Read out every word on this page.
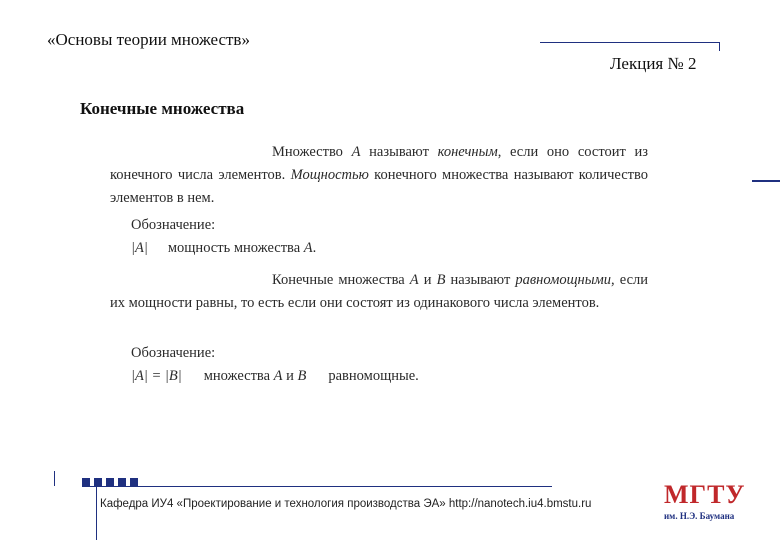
«Основы теории множеств»
Лекция № 2
Конечные множества
Множество A называют конечным, если оно состоит из конечного числа элементов. Мощностью конечного множества называют количество элементов в нем.
Обозначение:
|A| мощность множества A.
Конечные множества A и B называют равномощными, если их мощности равны, то есть если они состоят из одинакового числа элементов.
Обозначение:
|A| = |B| множества A и B равномощные.
Кафедра ИУ4 «Проектирование и технология производства ЭА» http://nanotech.iu4.bmstu.ru	МГТУ
им. Н.Э. Баумана
